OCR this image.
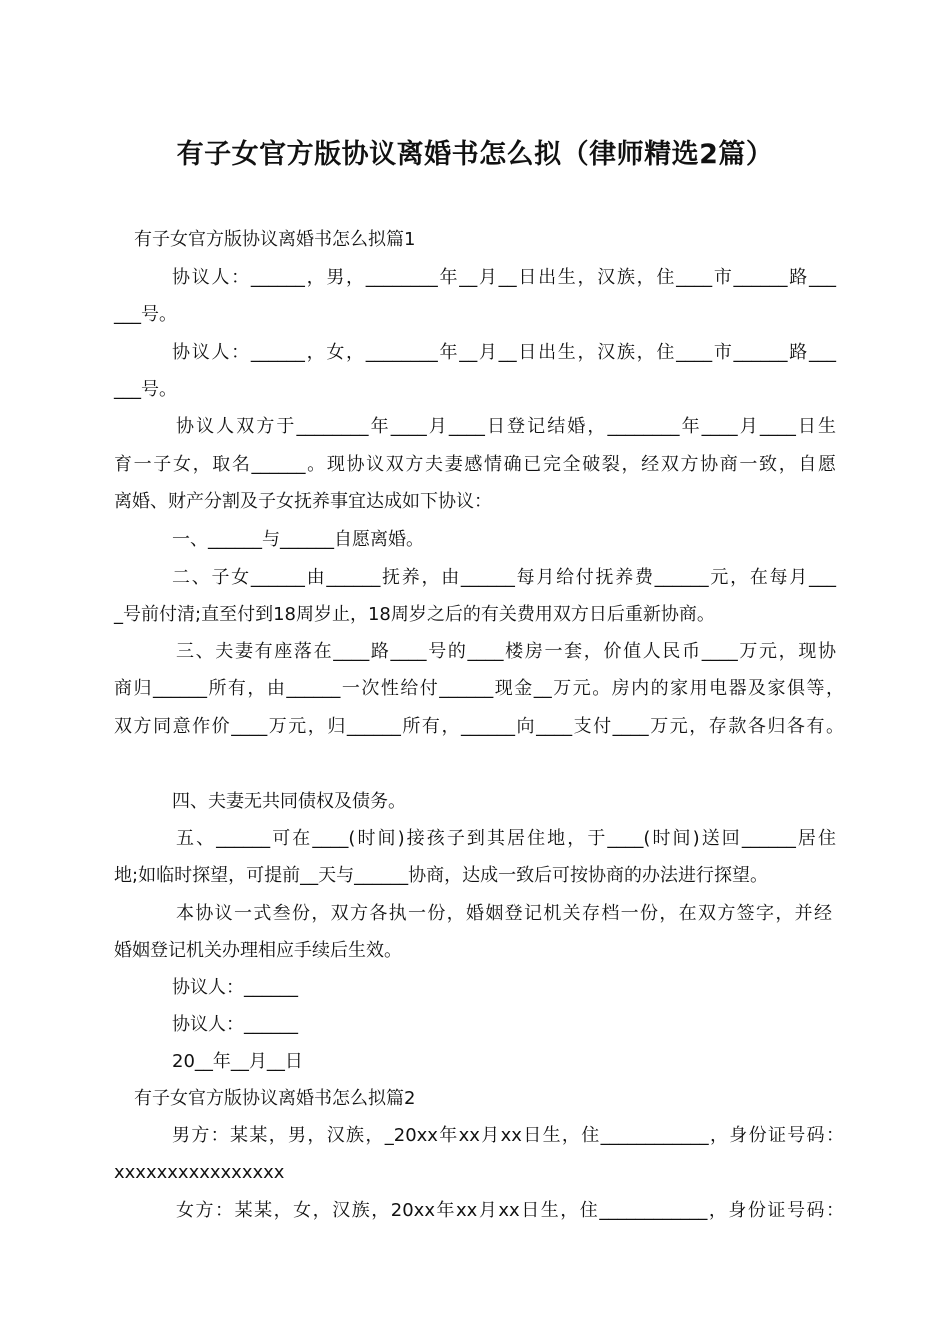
有子女官方版协议离婚书怎么拟（律师精选2篇）
有子女官方版协议离婚书怎么拟篇1
协议人：______，男，________年__月__日出生，汉族，住____市______路___
___号。
协议人：______，女，________年__月__日出生，汉族，住____市______路___
___号。
协议人双方于________年____月____日登记结婚，________年____月____日生
育一子女，取名______。现协议双方夫妻感情确已完全破裂，经双方协商一致，自愿
离婚、财产分割及子女抚养事宜达成如下协议：
一、______与______自愿离婚。
二、子女______由______抚养，由______每月给付抚养费______元，在每月___
_号前付清;直至付到18周岁止，18周岁之后的有关费用双方日后重新协商。
三、夫妻有座落在____路____号的____楼房一套，价值人民币____万元，现协
商归______所有，由______一次性给付______现金__万元。房内的家用电器及家俱等，
双方同意作价____万元，归______所有，______向____支付____万元，存款各归各有。
四、夫妻无共同债权及债务。
五、______可在____(时间)接孩子到其居住地，于____(时间)送回______居住
地;如临时探望，可提前__天与______协商，达成一致后可按协商的办法进行探望。
本协议一式叁份，双方各执一份，婚姻登记机关存档一份，在双方签字，并经
婚姻登记机关办理相应手续后生效。
协议人：______
协议人：______
20__年__月__日
有子女官方版协议离婚书怎么拟篇2
男方：某某，男，汉族，_20xx年xx月xx日生，住____________，身份证号码：
xxxxxxxxxxxxxxxx
女方：某某，女，汉族，20xx年xx月xx日生，住____________，身份证号码：
